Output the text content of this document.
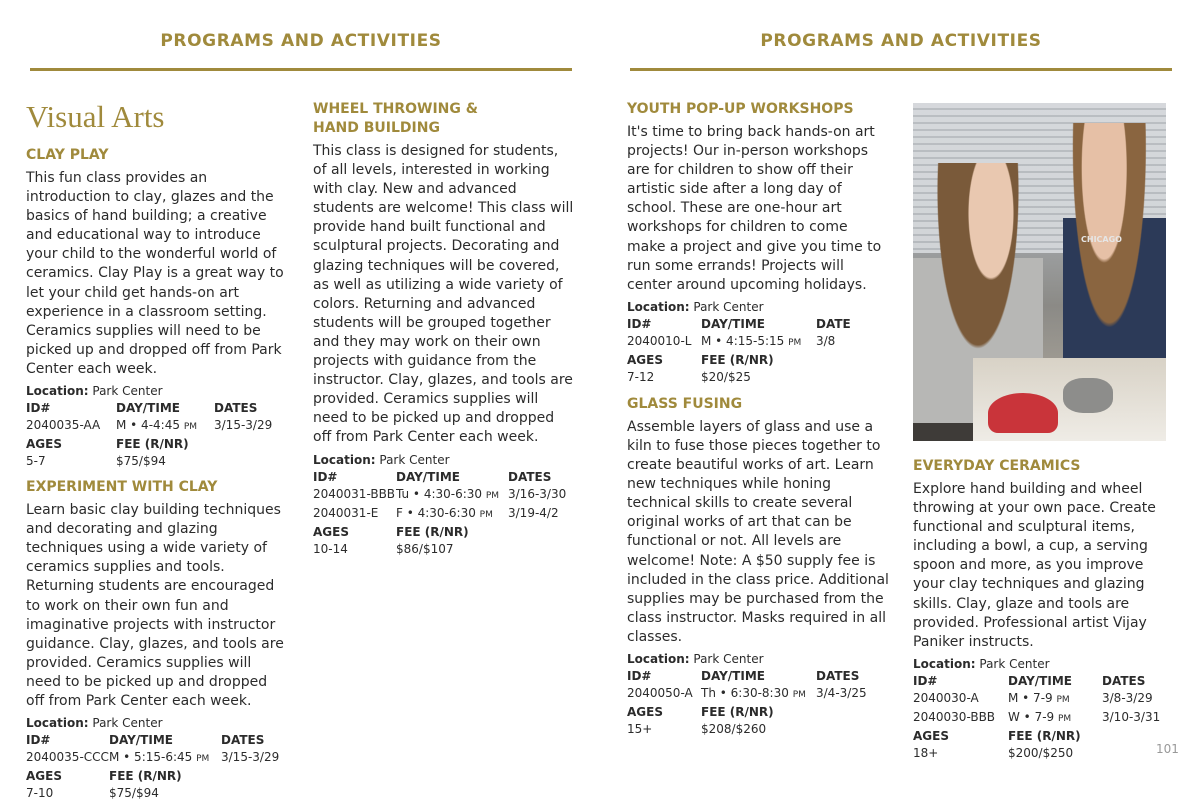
PROGRAMS AND ACTIVITIES	PROGRAMS AND ACTIVITIES
Visual Arts
CLAY PLAY
This fun class provides an introduction to clay, glazes and the basics of hand building; a creative and educational way to introduce your child to the wonderful world of ceramics. Clay Play is a great way to let your child get hands-on art experience in a classroom setting. Ceramics supplies will need to be picked up and dropped off from Park Center each week.
Location: Park Center
ID#	DAY/TIME	DATES
2040035-AA	M • 4-4:45 PM	3/15-3/29
AGES	FEE (R/NR)	
5-7	$75/$94	
EXPERIMENT WITH CLAY
Learn basic clay building techniques and decorating and glazing techniques using a wide variety of ceramics supplies and tools. Returning students are encouraged to work on their own fun and imaginative projects with instructor guidance. Clay, glazes, and tools are provided. Ceramics supplies will need to be picked up and dropped off from Park Center each week.
Location: Park Center
ID#	DAY/TIME	DATES
2040035-CCC	M • 5:15-6:45 PM	3/15-3/29
AGES	FEE (R/NR)	
7-10	$75/$94	
WHEEL THROWING &
HAND BUILDING
This class is designed for students, of all levels, interested in working with clay. New and advanced students are welcome! This class will provide hand built functional and sculptural projects. Decorating and glazing techniques will be covered, as well as utilizing a wide variety of colors. Returning and advanced students will be grouped together and they may work on their own projects with guidance from the instructor. Clay, glazes, and tools are provided. Ceramics supplies will need to be picked up and dropped off from Park Center each week.
Location: Park Center
ID#	DAY/TIME	DATES
2040031-BBB	Tu • 4:30-6:30 PM	3/16-3/30
2040031-E	F • 4:30-6:30 PM	3/19-4/2
AGES	FEE (R/NR)	
10-14	$86/$107	
YOUTH POP-UP WORKSHOPS
It's time to bring back hands-on art projects! Our in-person workshops are for children to show off their artistic side after a long day of school. These are one-hour art workshops for children to come make a project and give you time to run some errands! Projects will center around upcoming holidays.
Location: Park Center
ID#	DAY/TIME	DATE
2040010-L	M • 4:15-5:15 PM	3/8
AGES	FEE (R/NR)	
7-12	$20/$25	
GLASS FUSING
Assemble layers of glass and use a kiln to fuse those pieces together to create beautiful works of art. Learn new techniques while honing technical skills to create several original works of art that can be functional or not. All levels are welcome! Note: A $50 supply fee is included in the class price. Additional supplies may be purchased from the class instructor. Masks required in all classes.
Location: Park Center
ID#	DAY/TIME	DATES
2040050-A	Th • 6:30-8:30 PM	3/4-3/25
AGES	FEE (R/NR)	
15+	$208/$260	
CHICAGO
EVERYDAY CERAMICS
Explore hand building and wheel throwing at your own pace. Create functional and sculptural items, including a bowl, a cup, a serving spoon and more, as you improve your clay techniques and glazing skills. Clay, glaze and tools are provided. Professional artist Vijay Paniker instructs.
Location: Park Center
ID#	DAY/TIME	DATES
2040030-A	M • 7-9 PM	3/8-3/29
2040030-BBB	W • 7-9 PM	3/10-3/31
AGES	FEE (R/NR)	
18+	$200/$250		101
